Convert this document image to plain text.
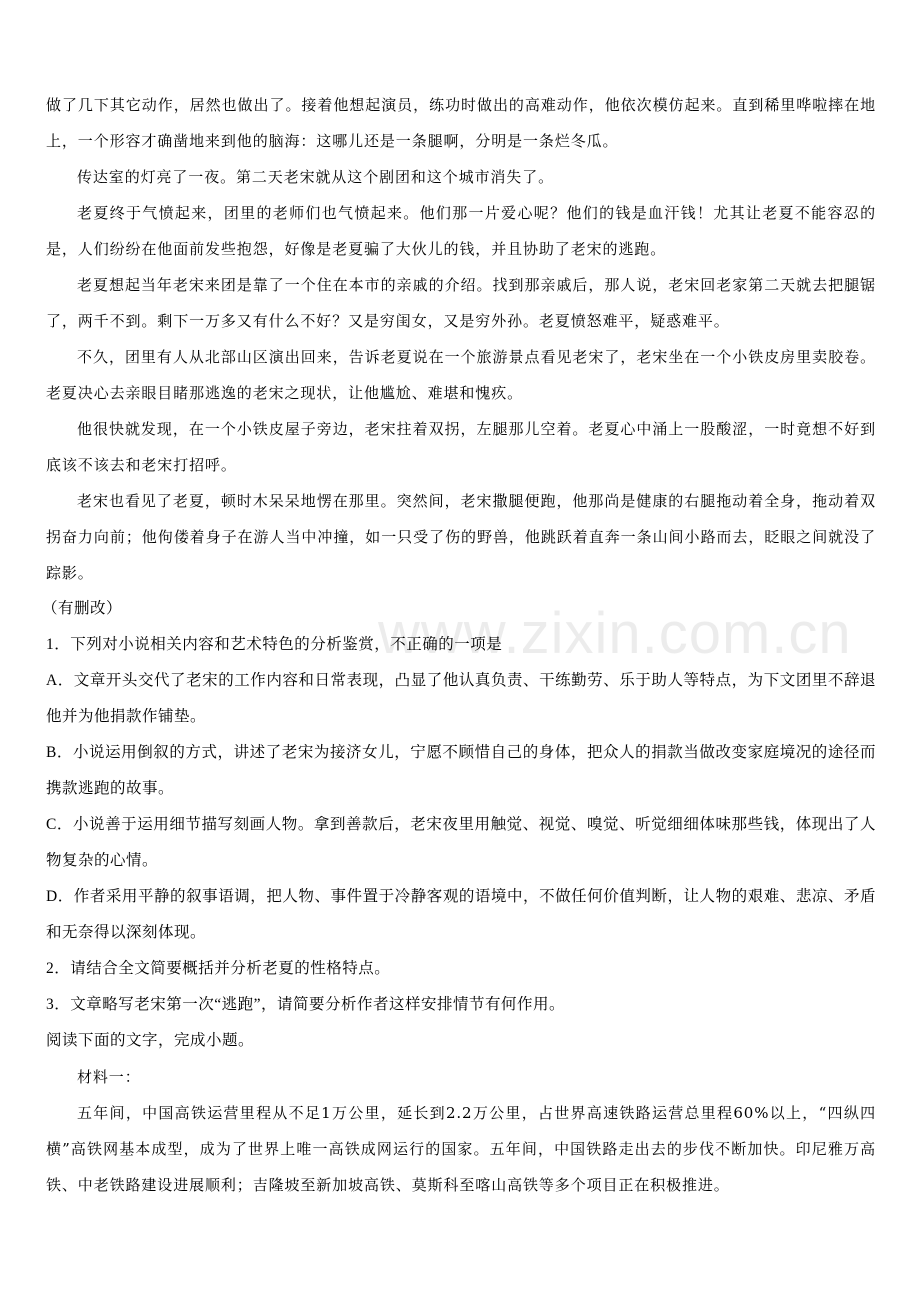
做了几下其它动作，居然也做出了。接着他想起演员，练功时做出的高难动作，他依次模仿起来。直到稀里哗啦摔在地上，一个形容才确凿地来到他的脑海：这哪儿还是一条腿啊，分明是一条烂冬瓜。
传达室的灯亮了一夜。第二天老宋就从这个剧团和这个城市消失了。
老夏终于气愤起来，团里的老师们也气愤起来。他们那一片爱心呢？他们的钱是血汗钱！尤其让老夏不能容忍的是，人们纷纷在他面前发些抱怨，好像是老夏骗了大伙儿的钱，并且协助了老宋的逃跑。
老夏想起当年老宋来团是靠了一个住在本市的亲戚的介绍。找到那亲戚后，那人说，老宋回老家第二天就去把腿锯了，两千不到。剩下一万多又有什么不好？又是穷闺女，又是穷外孙。老夏愤怒难平，疑惑难平。
不久，团里有人从北部山区演出回来，告诉老夏说在一个旅游景点看见老宋了，老宋坐在一个小铁皮房里卖胶卷。老夏决心去亲眼目睹那逃逸的老宋之现状，让他尴尬、难堪和愧疚。
他很快就发现，在一个小铁皮屋子旁边，老宋拄着双拐，左腿那儿空着。老夏心中涌上一股酸涩，一时竟想不好到底该不该去和老宋打招呼。
老宋也看见了老夏，顿时木呆呆地愣在那里。突然间，老宋撒腿便跑，他那尚是健康的右腿拖动着全身，拖动着双拐奋力向前；他佝偻着身子在游人当中冲撞，如一只受了伤的野兽，他跳跃着直奔一条山间小路而去，眨眼之间就没了踪影。
（有删改）
1．下列对小说相关内容和艺术特色的分析鉴赏，不正确的一项是
A．文章开头交代了老宋的工作内容和日常表现，凸显了他认真负责、干练勤劳、乐于助人等特点，为下文团里不辞退他并为他捐款作铺垫。
B．小说运用倒叙的方式，讲述了老宋为接济女儿，宁愿不顾惜自己的身体，把众人的捐款当做改变家庭境况的途径而携款逃跑的故事。
C．小说善于运用细节描写刻画人物。拿到善款后，老宋夜里用触觉、视觉、嗅觉、听觉细细体味那些钱，体现出了人物复杂的心情。
D．作者采用平静的叙事语调，把人物、事件置于冷静客观的语境中，不做任何价值判断，让人物的艰难、悲凉、矛盾和无奈得以深刻体现。
2．请结合全文简要概括并分析老夏的性格特点。
3．文章略写老宋第一次“逃跑”，请简要分析作者这样安排情节有何作用。
阅读下面的文字，完成小题。
材料一：
五年间，中国高铁运营里程从不足1万公里，延长到2.2万公里，占世界高速铁路运营总里程60%以上，“四纵四横”高铁网基本成型，成为了世界上唯一高铁成网运行的国家。五年间，中国铁路走出去的步伐不断加快。印尼雅万高铁、中老铁路建设进展顺利；吉隆坡至新加坡高铁、莫斯科至喀山高铁等多个项目正在积极推进。
www.zixin.com.cn
